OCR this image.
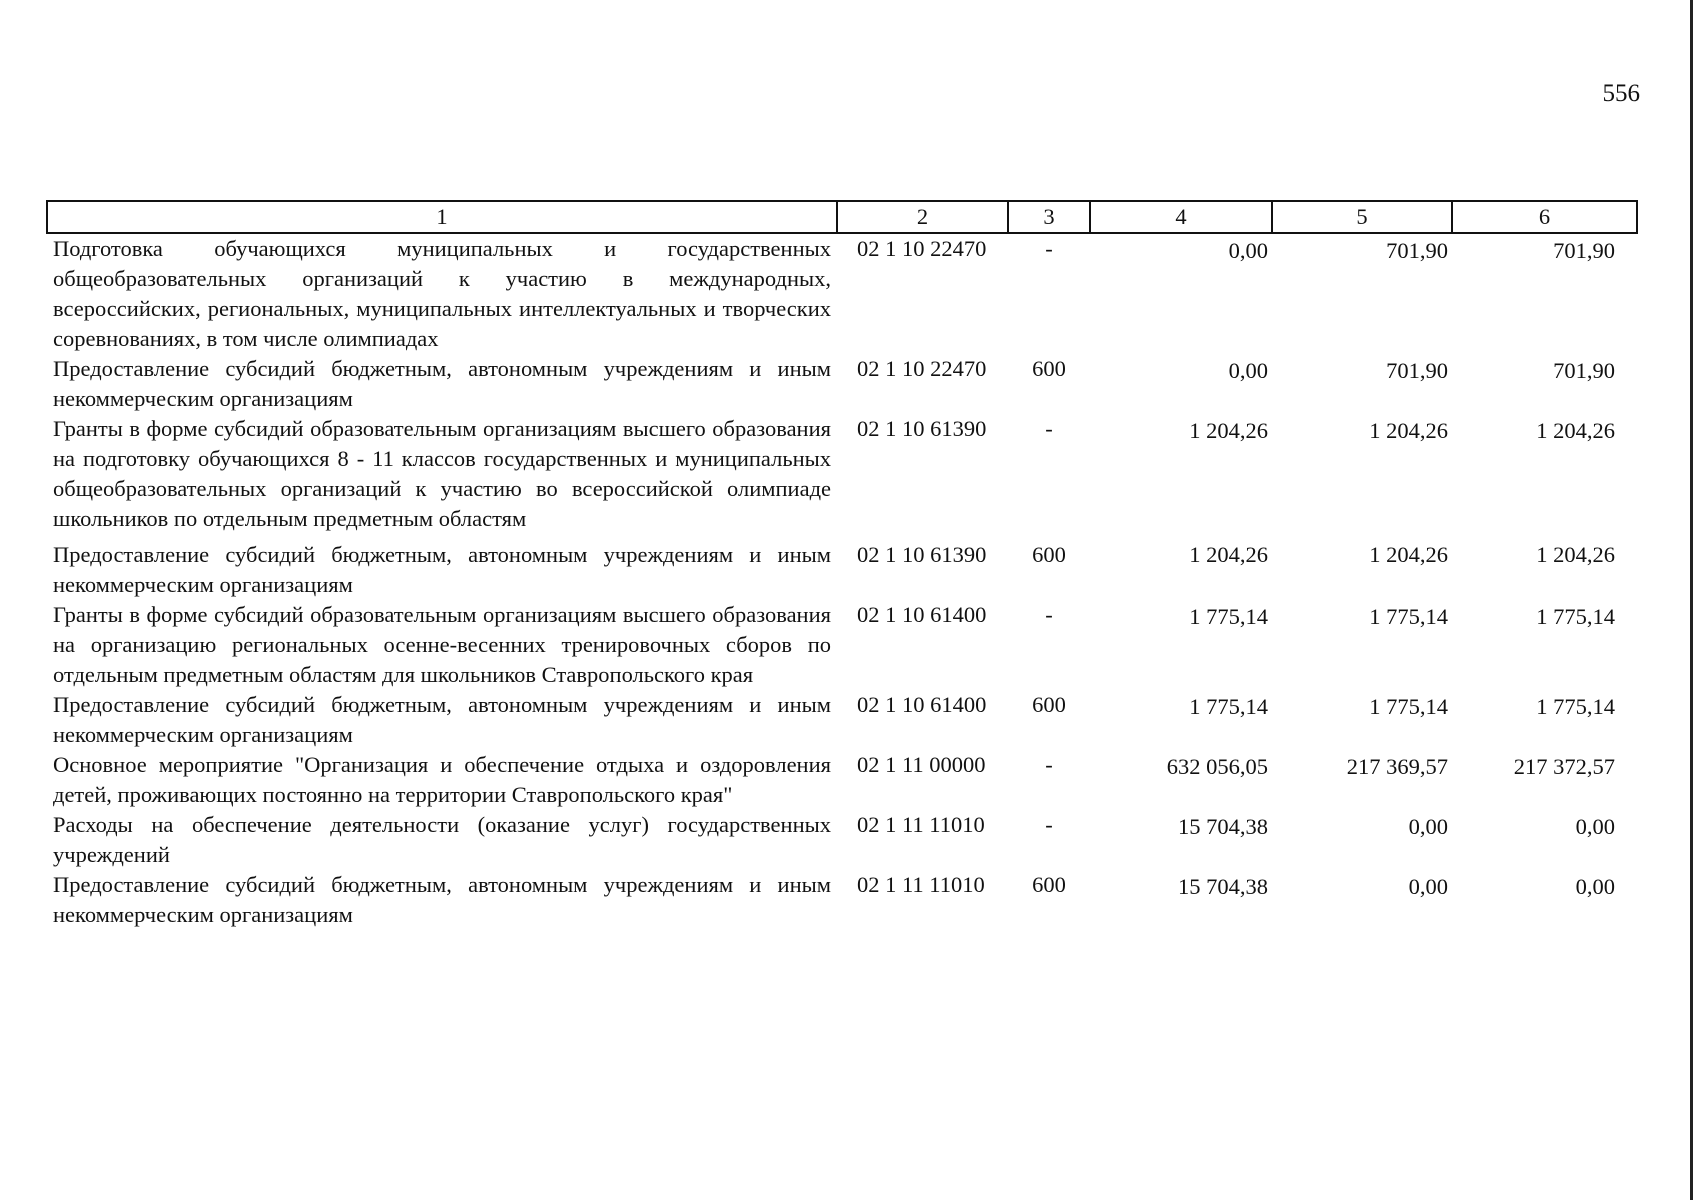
556
1	2	3	4	5	6
Подготовка обучающихся муниципальных и государственных общеобразовательных организаций к участию в международных, всероссийских, региональных, муниципальных интеллектуальных и творческих соревнованиях, в том числе олимпиадах	02 1 10 22470	-	0,00	701,90	701,90
Предоставление субсидий бюджетным, автономным учреждениям и иным некоммерческим организациям	02 1 10 22470	600	0,00	701,90	701,90
Гранты в форме субсидий образовательным организациям высшего образования на подготовку обучающихся 8 - 11 классов государственных и муниципальных общеобразовательных организаций к участию во всероссийской олимпиаде школьников по отдельным предметным областям	02 1 10 61390	-	1 204,26	1 204,26	1 204,26
Предоставление субсидий бюджетным, автономным учреждениям и иным некоммерческим организациям	02 1 10 61390	600	1 204,26	1 204,26	1 204,26
Гранты в форме субсидий образовательным организациям высшего образования на организацию региональных осенне-весенних тренировочных сборов по отдельным предметным областям для школьников Ставропольского края	02 1 10 61400	-	1 775,14	1 775,14	1 775,14
Предоставление субсидий бюджетным, автономным учреждениям и иным некоммерческим организациям	02 1 10 61400	600	1 775,14	1 775,14	1 775,14
Основное мероприятие "Организация и обеспечение отдыха и оздоровления детей, проживающих постоянно на территории Ставропольского края"	02 1 11 00000	-	632 056,05	217 369,57	217 372,57
Расходы на обеспечение деятельности (оказание услуг) государственных учреждений	02 1 11 11010	-	15 704,38	0,00	0,00
Предоставление субсидий бюджетным, автономным учреждениям и иным некоммерческим организациям	02 1 11 11010	600	15 704,38	0,00	0,00
